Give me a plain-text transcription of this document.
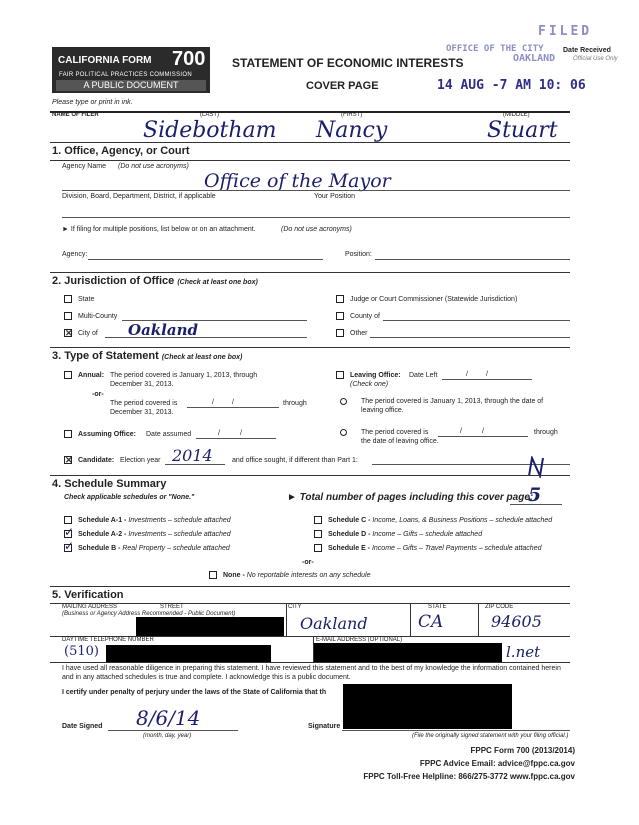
CALIFORNIA FORM 700
FAIR POLITICAL PRACTICES COMMISSION
A PUBLIC DOCUMENT
STATEMENT OF ECONOMIC INTERESTS
COVER PAGE
Please type or print in ink.
FILED
OFFICE OF THE CITY
OAKLAND
Date Received
Official Use Only
14 AUG -7 AM 10: 06
NAME OF FILER	(LAST)	(FIRST)	(MIDDLE)
Sidebotham Nancy	Stuart
1. Office, Agency, or Court
Agency Name (Do not use acronyms)
Office of the Mayor
Division, Board, Department, District, if applicable	Your Position
► If filing for multiple positions, list below or on an attachment.	(Do not use acronyms)
Agency:	Position:
2. Jurisdiction of Office (Check at least one box)
State
Multi-County
✕ City of Oakland
Judge or Court Commissioner (Statewide Jurisdiction)
County of
Other
3. Type of Statement (Check at least one box)
Annual: The period covered is January 1, 2013, through
December 31, 2013.
-or-
The period covered is	/	/	through
December 31, 2013.
Assuming Office: Date assumed	/	/
Leaving Office: Date Left	/	/
(Check one)
The period covered is January 1, 2013, through the date of
leaving office.
The period covered is	/	/	through
the date of leaving office.
✕ Candidate: Election year 2014	and office sought, if different than Part 1:
4. Schedule Summary
Check applicable schedules or "None."	► Total number of pages including this cover page:
5
Schedule A-1 - Investments – schedule attached
✓ Schedule A-2 - Investments – schedule attached
✓ Schedule B - Real Property – schedule attached
Schedule C - Income, Loans, & Business Positions – schedule attached
Schedule D - Income – Gifts – schedule attached
Schedule E - Income – Gifts – Travel Payments – schedule attached
-or-
None - No reportable interests on any schedule
5. Verification
MAILING ADDRESS	STREET	CITY	STATE	ZIP CODE
(Business or Agency Address Recommended - Public Document)	Oakland	CA	94605
DAYTIME TELEPHONE NUMBER	E-MAIL ADDRESS (OPTIONAL)
(510)	l.net
I have used all reasonable diligence in preparing this statement. I have reviewed this statement and to the best of my knowledge the information contained herein and in any attached schedules is true and complete. I acknowledge this is a public document.
I certify under penalty of perjury under the laws of the State of California that th
Date Signed 8/6/14
(month, day, year)
Signature
(File the originally signed statement with your filing official.)
FPPC Form 700 (2013/2014)
FPPC Advice Email: advice@fppc.ca.gov
FPPC Toll-Free Helpline: 866/275-3772 www.fppc.ca.gov
